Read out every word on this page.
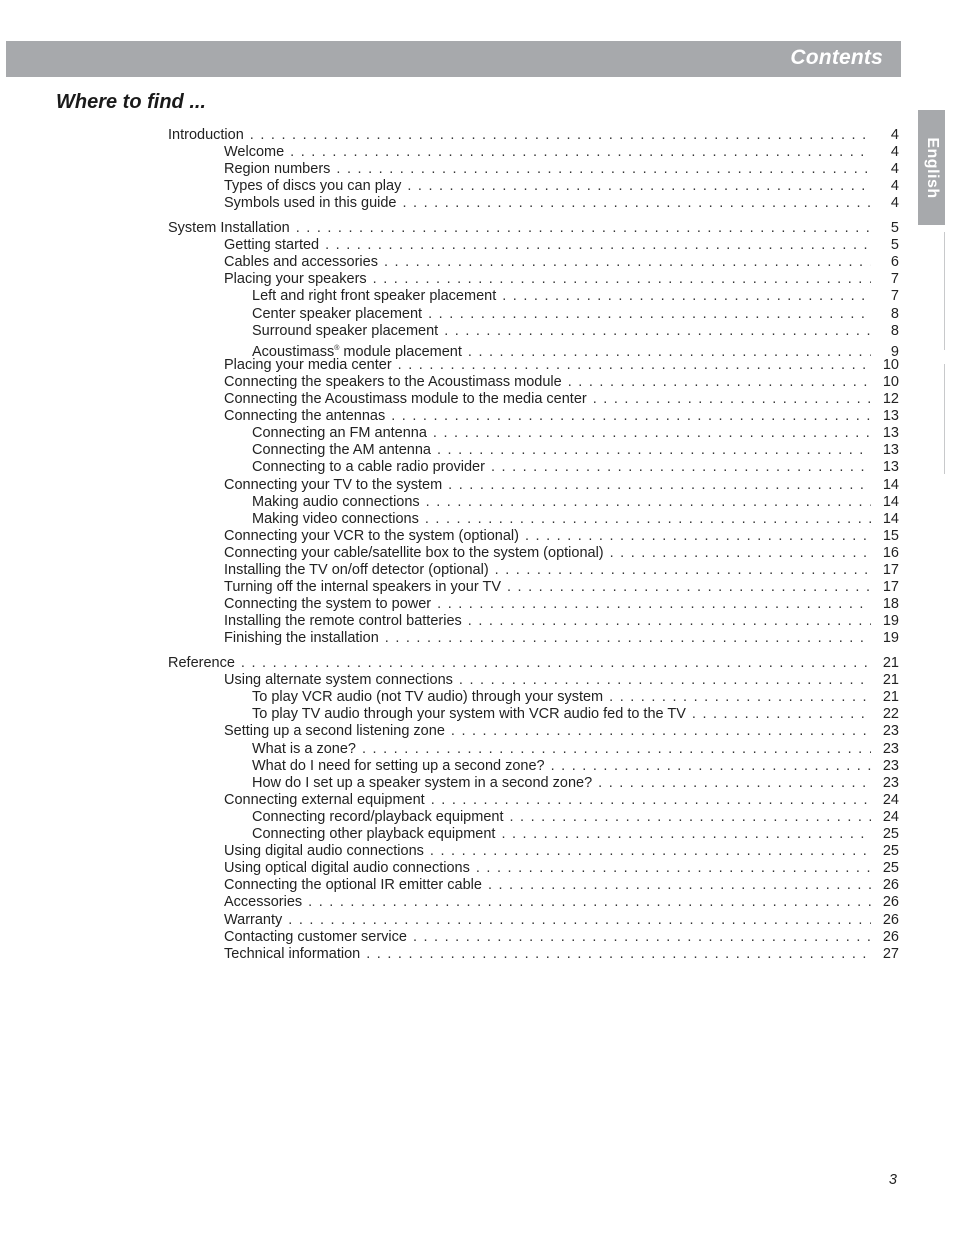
Contents
English
Where to find ...
Introduction . . .	4
Welcome . . .	4
Region numbers . . .	4
Types of discs you can play . . .	4
Symbols used in this guide . . .	4
System Installation . . .	5
Getting started . . .	5
Cables and accessories . . .	6
Placing your speakers . . .	7
Left and right front speaker placement . . .	7
Center speaker placement . . .	8
Surround speaker placement . . .	8
Acoustimass® module placement . . .	9
Placing your media center . . .	10
Connecting the speakers to the Acoustimass module . . .	10
Connecting the Acoustimass module to the media center . . .	12
Connecting the antennas . . .	13
Connecting an FM antenna . . .	13
Connecting the AM antenna . . .	13
Connecting to a cable radio provider . . .	13
Connecting your TV to the system . . .	14
Making audio connections . . .	14
Making video connections . . .	14
Connecting your VCR to the system (optional) . . .	15
Connecting your cable/satellite box to the system (optional) . . .	16
Installing the TV on/off detector (optional) . . .	17
Turning off the internal speakers in your TV . . .	17
Connecting the system to power . . .	18
Installing the remote control batteries . . .	19
Finishing the installation . . .	19
Reference . . .	21
Using alternate system connections . . .	21
To play VCR audio (not TV audio) through your system . . .	21
To play TV audio through your system with VCR audio fed to the TV . . .	22
Setting up a second listening zone . . .	23
What is a zone? . . .	23
What do I need for setting up a second zone? . . .	23
How do I set up a speaker system in a second zone? . . .	23
Connecting external equipment . . .	24
Connecting record/playback equipment . . .	24
Connecting other playback equipment . . .	25
Using digital audio connections . . .	25
Using optical digital audio connections . . .	25
Connecting the optional IR emitter cable . . .	26
Accessories . . .	26
Warranty . . .	26
Contacting customer service . . .	26
Technical information . . .	27
3
